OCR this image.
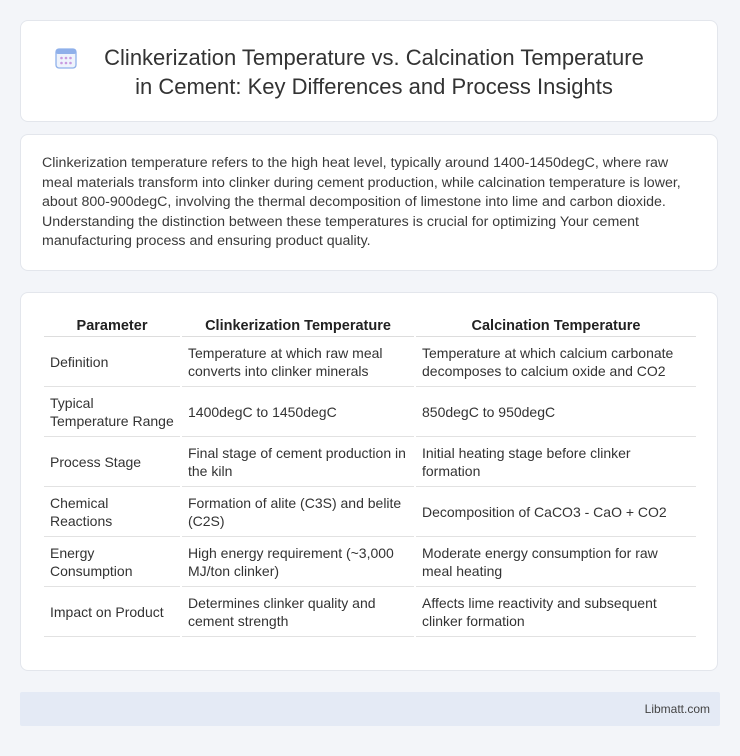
Clinkerization Temperature vs. Calcination Temperature
in Cement: Key Differences and Process Insights
Clinkerization temperature refers to the high heat level, typically around 1400-1450degC, where raw meal materials transform into clinker during cement production, while calcination temperature is lower, about 800-900degC, involving the thermal decomposition of limestone into lime and carbon dioxide. Understanding the distinction between these temperatures is crucial for optimizing Your cement manufacturing process and ensuring product quality.
Parameter	Clinkerization Temperature	Calcination Temperature
Definition	Temperature at which raw meal converts into clinker minerals	Temperature at which calcium carbonate decomposes to calcium oxide and CO2
Typical Temperature Range	1400degC to 1450degC	850degC to 950degC
Process Stage	Final stage of cement production in the kiln	Initial heating stage before clinker formation
Chemical Reactions	Formation of alite (C3S) and belite (C2S)	Decomposition of CaCO3 - CaO + CO2
Energy Consumption	High energy requirement (~3,000 MJ/ton clinker)	Moderate energy consumption for raw meal heating
Impact on Product	Determines clinker quality and cement strength	Affects lime reactivity and subsequent clinker formation
Libmatt.com
